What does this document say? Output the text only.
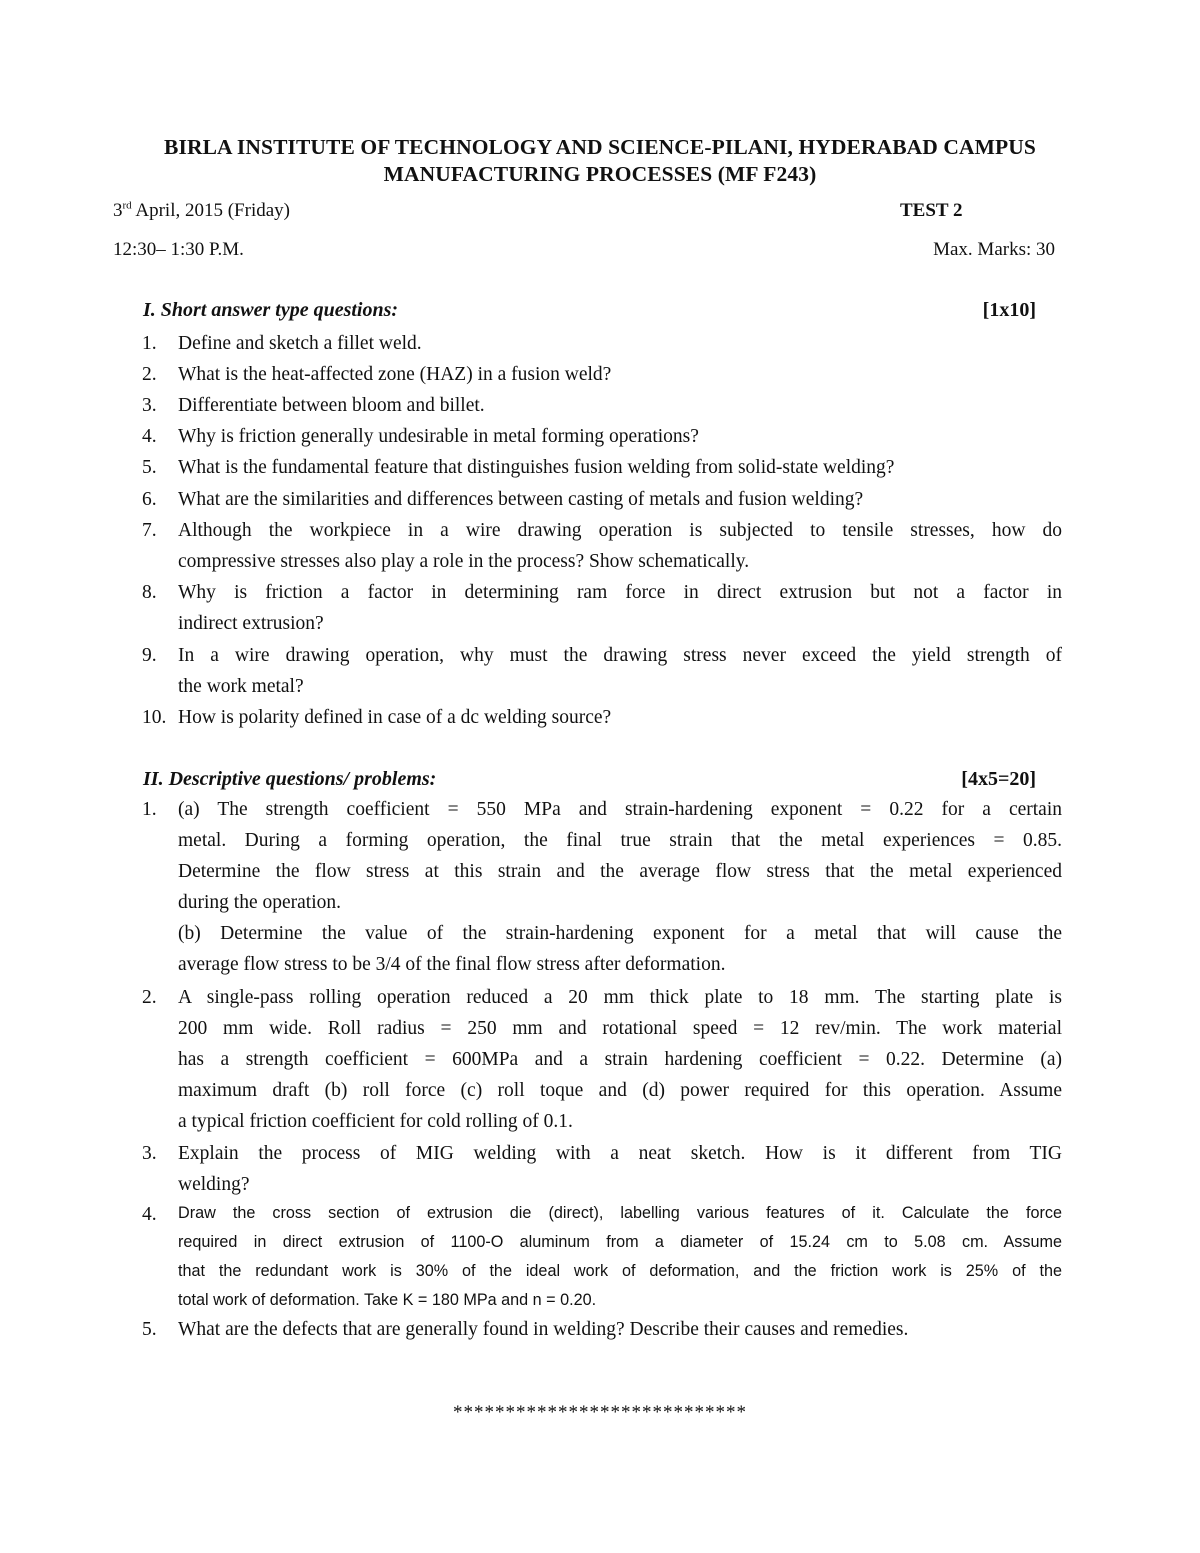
BIRLA INSTITUTE OF TECHNOLOGY AND SCIENCE-PILANI, HYDERABAD CAMPUS
MANUFACTURING PROCESSES (MF F243)
3rd April, 2015 (Friday)	TEST 2
12:30– 1:30 P.M.	Max. Marks: 30
I. Short answer type questions:	[1x10]
1. Define and sketch a fillet weld.
2. What is the heat-affected zone (HAZ) in a fusion weld?
3. Differentiate between bloom and billet.
4. Why is friction generally undesirable in metal forming operations?
5. What is the fundamental feature that distinguishes fusion welding from solid-state welding?
6. What are the similarities and differences between casting of metals and fusion welding?
7. Although the workpiece in a wire drawing operation is subjected to tensile stresses, how do
compressive stresses also play a role in the process? Show schematically.
8. Why is friction a factor in determining ram force in direct extrusion but not a factor in
indirect extrusion?
9. In a wire drawing operation, why must the drawing stress never exceed the yield strength of
the work metal?
10. How is polarity defined in case of a dc welding source?
II. Descriptive questions/ problems:	[4x5=20]
1. (a) The strength coefficient = 550 MPa and strain-hardening exponent = 0.22 for a certain
metal. During a forming operation, the final true strain that the metal experiences = 0.85.
Determine the flow stress at this strain and the average flow stress that the metal experienced
during the operation.
(b) Determine the value of the strain-hardening exponent for a metal that will cause the
average flow stress to be 3/4 of the final flow stress after deformation.
2. A single-pass rolling operation reduced a 20 mm thick plate to 18 mm. The starting plate is
200 mm wide. Roll radius = 250 mm and rotational speed = 12 rev/min. The work material
has a strength coefficient = 600MPa and a strain hardening coefficient = 0.22. Determine (a)
maximum draft (b) roll force (c) roll toque and (d) power required for this operation. Assume
a typical friction coefficient for cold rolling of 0.1.
3. Explain the process of MIG welding with a neat sketch. How is it different from TIG
welding?
4. Draw the cross section of extrusion die (direct), labelling various features of it. Calculate the force
required in direct extrusion of 1100-O aluminum from a diameter of 15.24 cm to 5.08 cm. Assume
that the redundant work is 30% of the ideal work of deformation, and the friction work is 25% of the
total work of deformation. Take K = 180 MPa and n = 0.20.
5. What are the defects that are generally found in welding? Describe their causes and remedies.
****************************
